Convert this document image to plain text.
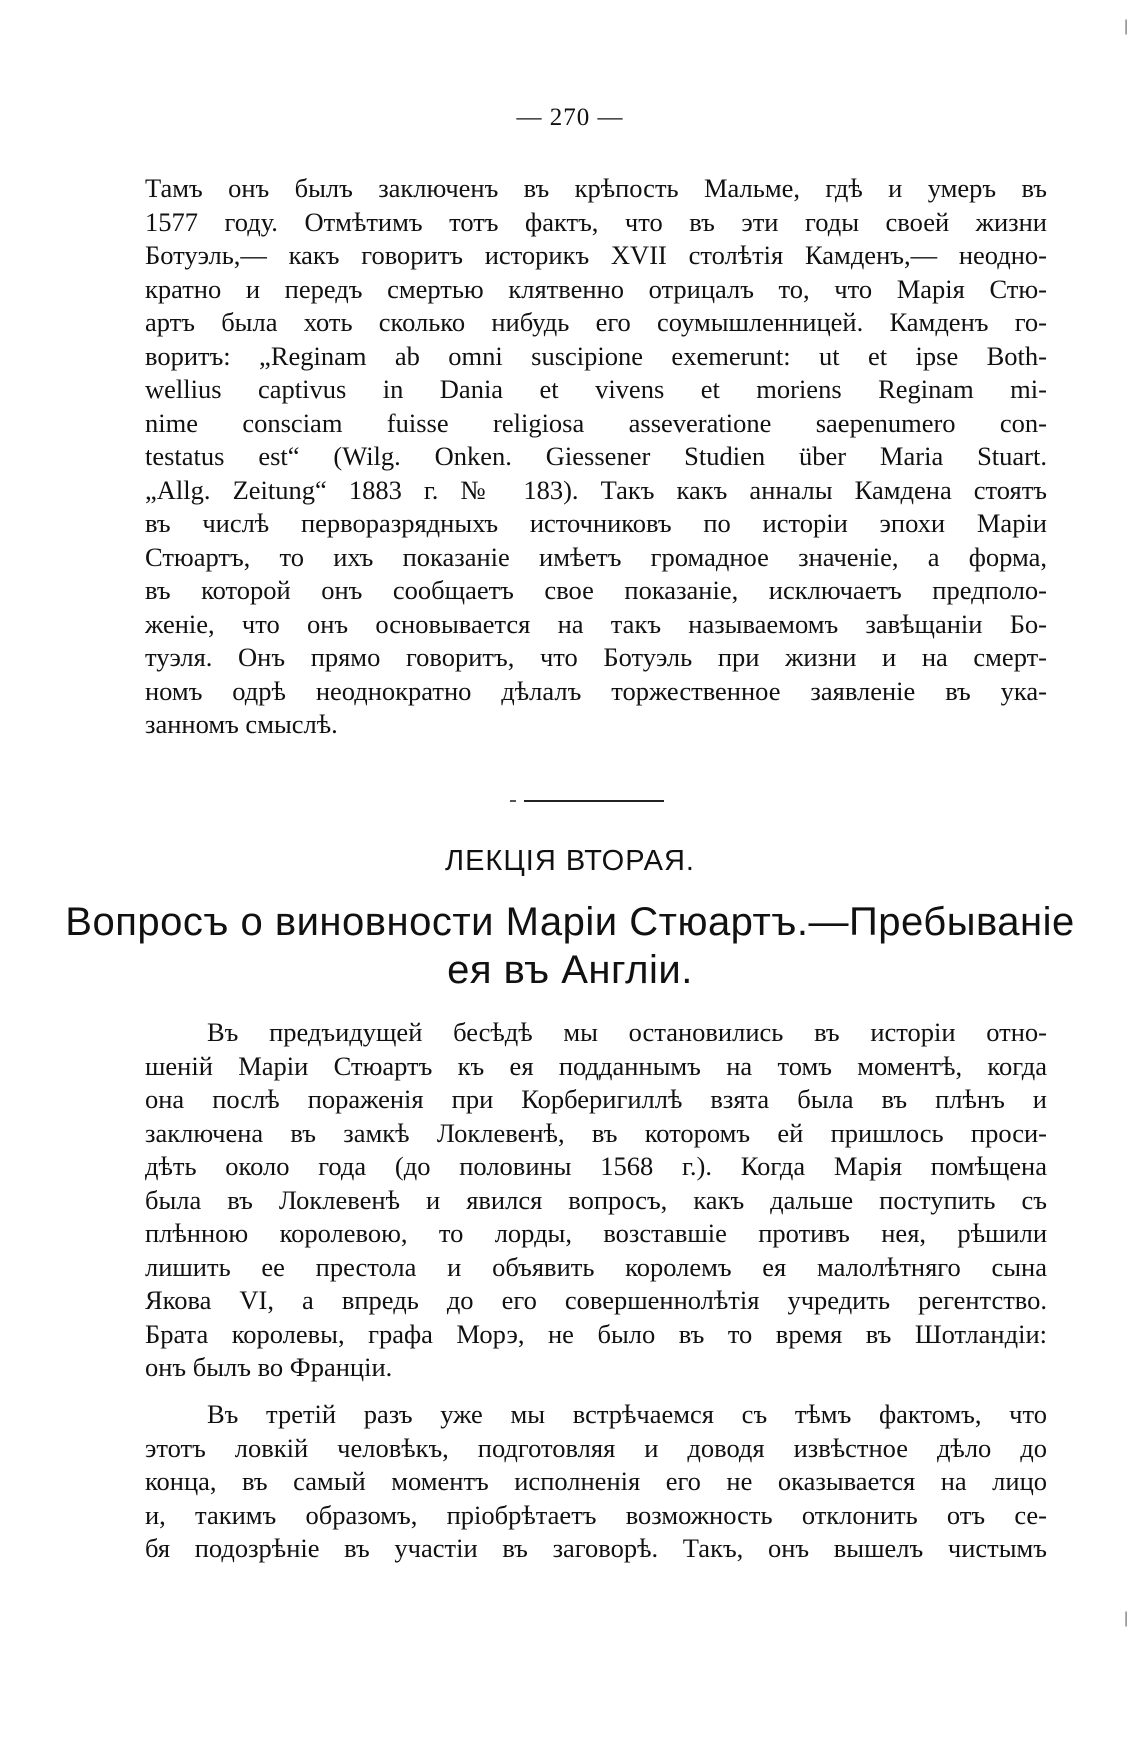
— 270 —
Тамъ онъ былъ заключенъ въ крѣпость Мальме, гдѣ и умеръ въ
1577 году. Отмѣтимъ тотъ фактъ, что въ эти годы своей жизни
Ботуэль,— какъ говоритъ историкъ XVII столѣтія Камденъ,— неодно-
кратно и передъ смертью клятвенно отрицалъ то, что Марія Стю-
артъ была хоть сколько нибудь его соумышленницей. Камденъ го-
воритъ: „Reginam ab omni suscipione exemerunt: ut et ipse Both-
wellius captivus in Dania et vivens et moriens Reginam mi-
nime consciam fuisse religiosa asseveratione saepenumero con-
testatus est“ (Wilg. Onken. Giessener Studien über Maria Stuart.
„Allg. Zeitung“ 1883 г. № 183). Такъ какъ анналы Камдена стоятъ
въ числѣ перворазрядныхъ источниковъ по исторіи эпохи Маріи
Стюартъ, то ихъ показаніе имѣетъ громадное значеніе, а форма,
въ которой онъ сообщаетъ свое показаніе, исключаетъ предполо-
женіе, что онъ основывается на такъ называемомъ завѣщаніи Бо-
туэля. Онъ прямо говоритъ, что Ботуэль при жизни и на смерт-
номъ одрѣ неоднократно дѣлалъ торжественное заявленіе въ ука-
занномъ смыслѣ.
ЛЕКЦІЯ ВТОРАЯ.
Вопросъ о виновности Маріи Стюартъ.—Пребываніе
ея въ Англіи.
Въ предъидущей бесѣдѣ мы остановились въ исторіи отно-
шеній Маріи Стюартъ къ ея подданнымъ на томъ моментѣ, когда
она послѣ пораженія при Корберигиллѣ взята была въ плѣнъ и
заключена въ замкѣ Локлевенѣ, въ которомъ ей пришлось проси-
дѣть около года (до половины 1568 г.). Когда Марія помѣщена
была въ Локлевенѣ и явился вопросъ, какъ дальше поступить съ
плѣнною королевою, то лорды, возставшіе противъ нея, рѣшили
лишить ее престола и объявить королемъ ея малолѣтняго сына
Якова VI, а впредь до его совершеннолѣтія учредить регентство.
Брата королевы, графа Морэ, не было въ то время въ Шотландіи:
онъ былъ во Франціи.
Въ третій разъ уже мы встрѣчаемся съ тѣмъ фактомъ, что
этотъ ловкій человѣкъ, подготовляя и доводя извѣстное дѣло до
конца, въ самый моментъ исполненія его не оказывается на лицо
и, такимъ образомъ, пріобрѣтаетъ возможность отклонить отъ се-
бя подозрѣніе въ участіи въ заговорѣ. Такъ, онъ вышелъ чистымъ
|
|
